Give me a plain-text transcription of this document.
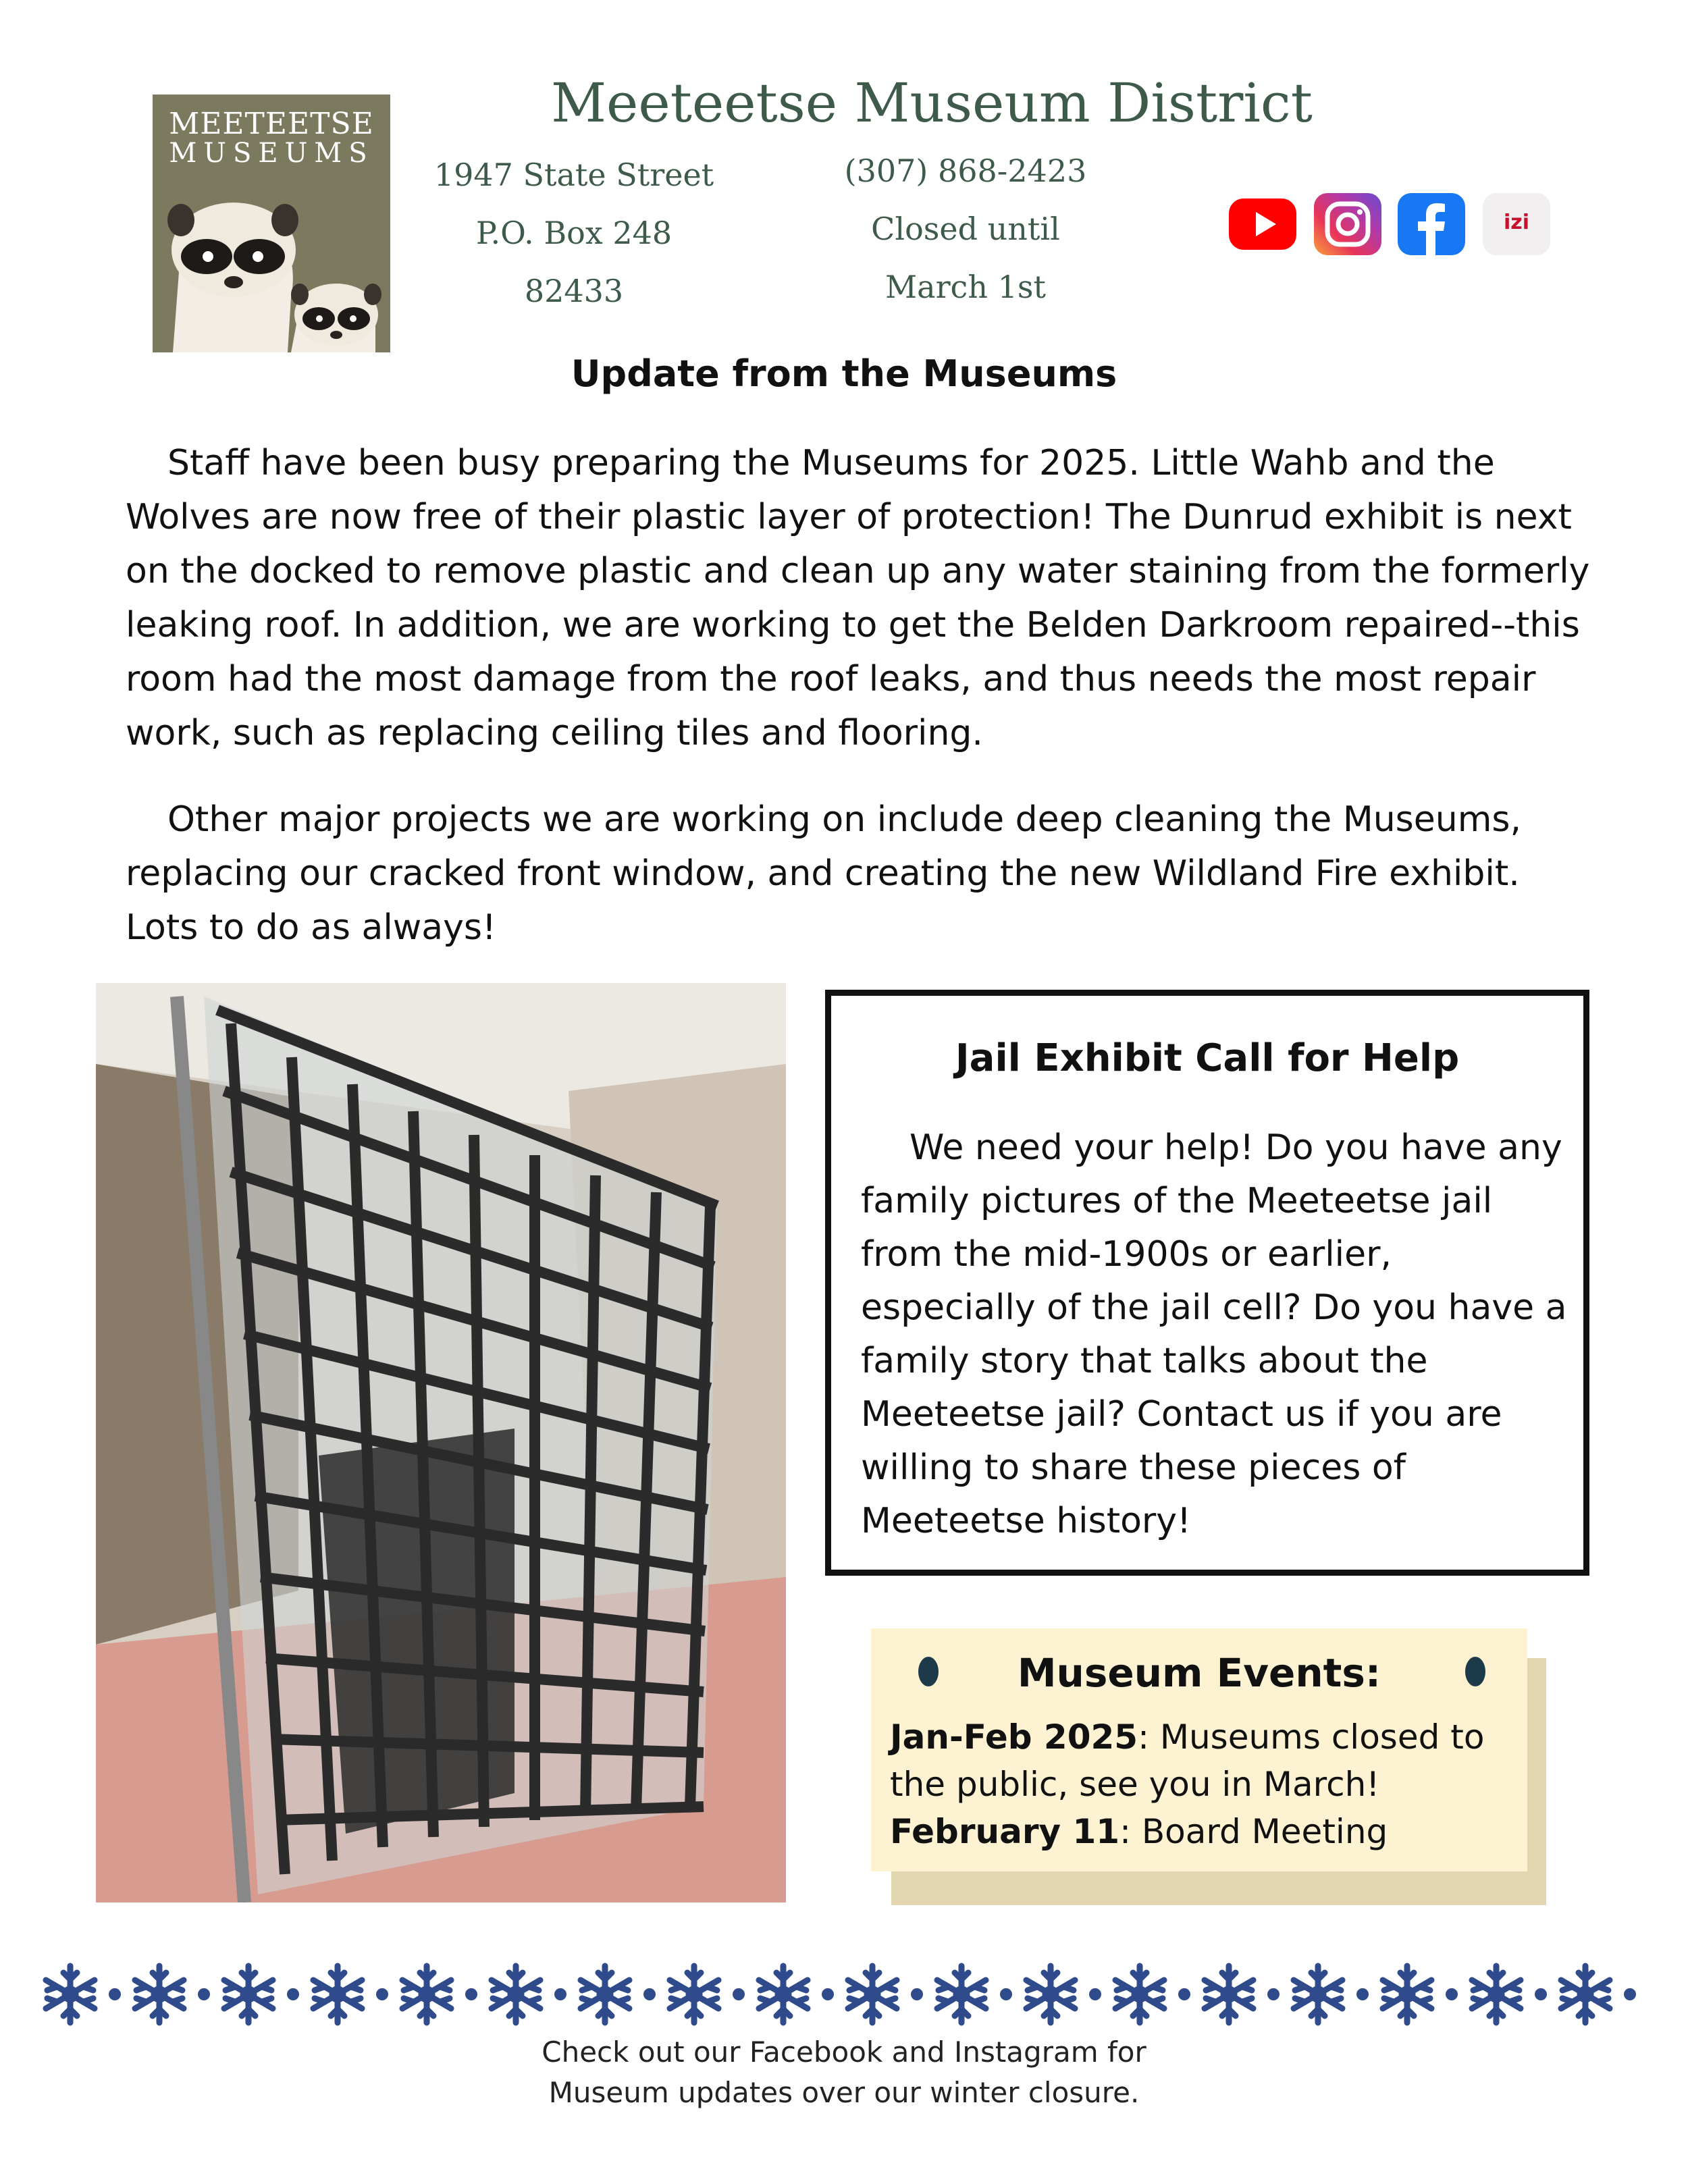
MEETEETSE
MUSEUMS
Meeteetse Museum District
1947 State Street
P.O. Box 248
82433
(307) 868-2423
Closed until
March 1st
izi
Update from the Museums
Staff have been busy preparing the Museums for 2025. Little Wahb and the Wolves are now free of their plastic layer of protection! The Dunrud exhibit is next on the docked to remove plastic and clean up any water staining from the formerly leaking roof. In addition, we are working to get the Belden Darkroom repaired--this room had the most damage from the roof leaks, and thus needs the most repair work, such as replacing ceiling tiles and flooring.
Other major projects we are working on include deep cleaning the Museums, replacing our cracked front window, and creating the new Wildland Fire exhibit. Lots to do as always!
Jail Exhibit Call for Help
We need your help! Do you have any family pictures of the Meeteetse jail from the mid-1900s or earlier, especially of the jail cell? Do you have a family story that talks about the Meeteetse jail? Contact us if you are willing to share these pieces of Meeteetse history!
Museum Events:
Jan-Feb 2025: Museums closed to the public, see you in March!
February 11: Board Meeting
Check out our Facebook and Instagram for Museum updates over our winter closure.
